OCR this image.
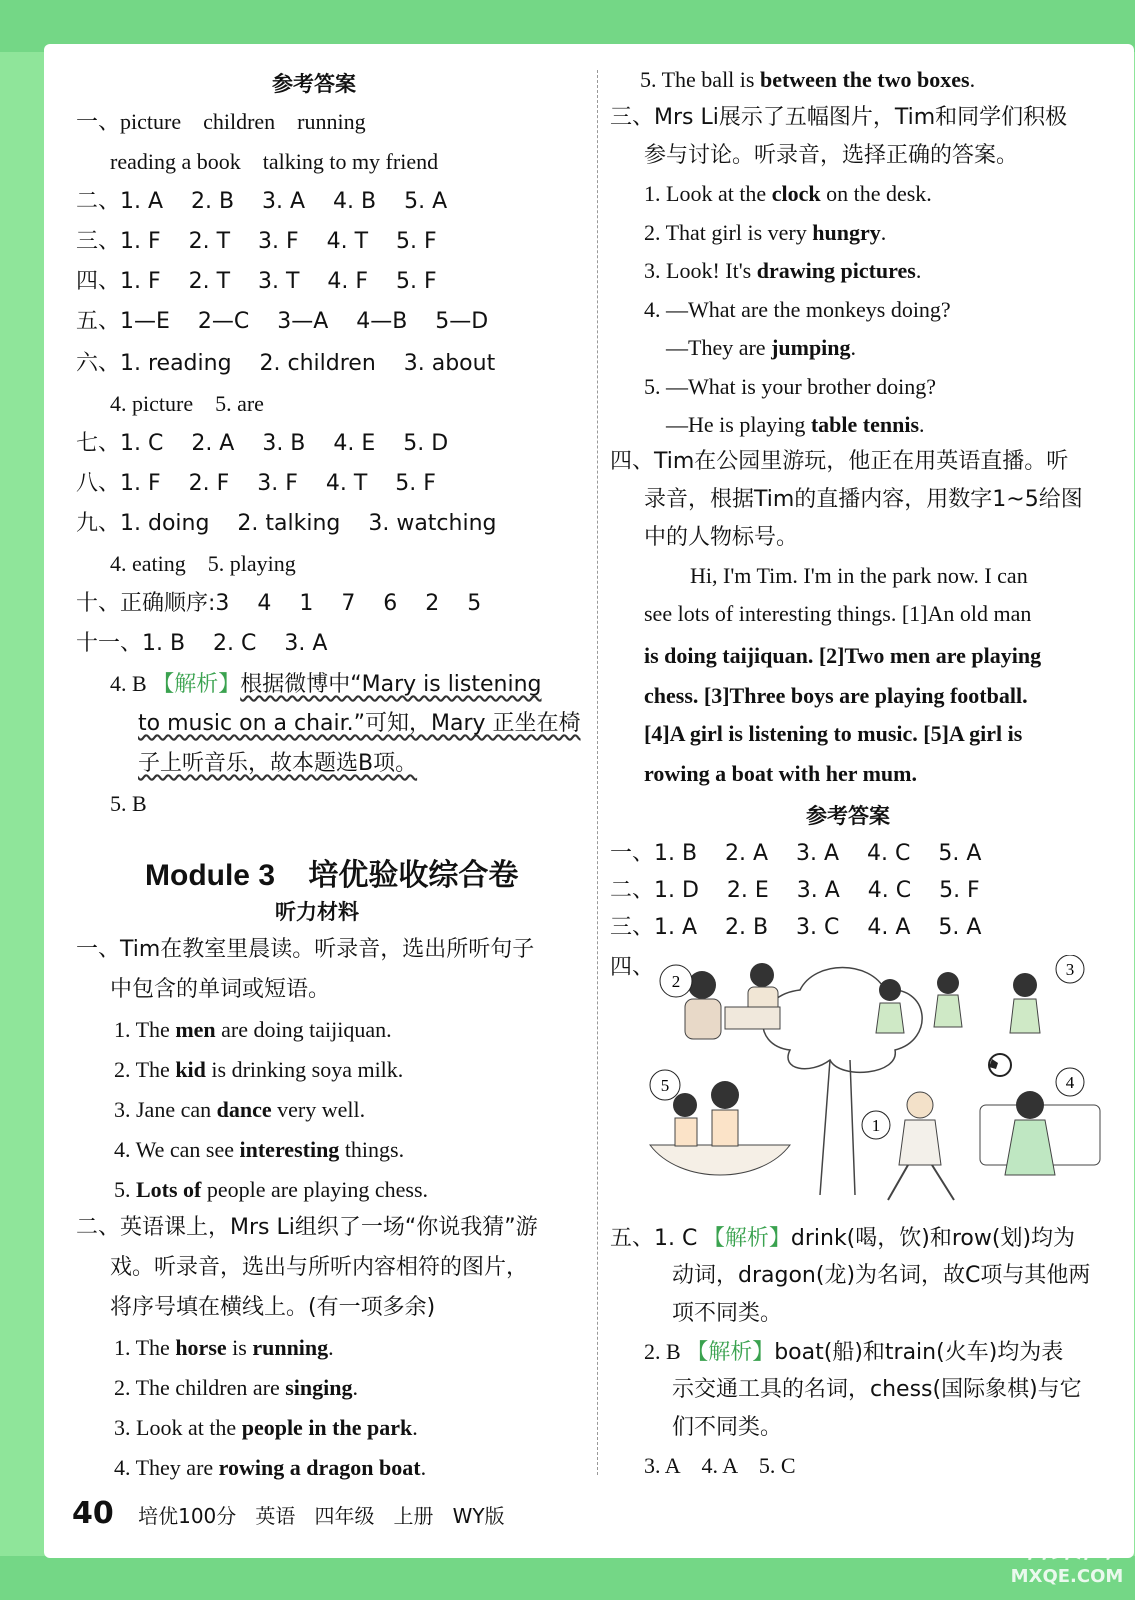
参考答案
一、picture    children    running
reading a book    talking to my friend
二、1. A    2. B    3. A    4. B    5. A
三、1. F    2. T    3. F    4. T    5. F
四、1. F    2. T    3. T    4. F    5. F
五、1—E    2—C    3—A    4—B    5—D
六、1. reading    2. children    3. about
4. picture    5. are
七、1. C    2. A    3. B    4. E    5. D
八、1. F    2. F    3. F    4. T    5. F
九、1. doing    2. talking    3. watching
4. eating    5. playing
十、正确顺序:3    4    1    7    6    2    5
十一、1. B    2. C    3. A
4. B 【解析】根据微博中“Mary is listening
to music on a chair.”可知，Mary 正坐在椅
子上听音乐，故本题选B项。
5. B
Module 3    培优验收综合卷
听力材料
一、Tim在教室里晨读。听录音，选出所听句子
中包含的单词或短语。
二、英语课上，Mrs Li组织了一场“你说我猜”游
戏。听录音，选出与所听内容相符的图片，
将序号填在横线上。(有一项多余)
5. The ball is between the two boxes.
三、Mrs Li展示了五幅图片，Tim和同学们积极
参与讨论。听录音，选择正确的答案。
四、Tim在公园里游玩，他正在用英语直播。听
录音，根据Tim的直播内容，用数字1~5给图
中的人物标号。
Hi, I'm Tim. I'm in the park now. I can
see lots of interesting things. [1]An old man
is doing taijiquan. [2]Two men are playing
chess. [3]Three boys are playing football.
[4]A girl is listening to music. [5]A girl is
rowing a boat with her mum.
参考答案
一、1. B    2. A    3. A    4. C    5. A
二、1. D    2. E    3. A    4. C    5. F
三、1. A    2. B    3. C    4. A    5. A
四、
1
2
3
4
5
五、1. C 【解析】drink(喝，饮)和row(划)均为
动词，dragon(龙)为名词，故C项与其他两
项不同类。
2. B 【解析】boat(船)和train(火车)均为表
示交通工具的名词，chess(国际象棋)与它
们不同类。
3. A    4. A    5. C
40 培优100分 英语 四年级 上册 WY版
答案圈
MXQE.COM
1. The men are doing taijiquan.
2. The kid is drinking soya milk.
3. Jane can dance very well.
4. We can see interesting things.
5. Lots of people are playing chess.
1. The horse is running.
2. The children are singing.
3. Look at the people in the park.
4. They are rowing a dragon boat.
1. Look at the clock on the desk.
2. That girl is very hungry.
3. Look! It's drawing pictures.
4. —What are the monkeys doing?
—They are jumping.
5. —What is your brother doing?
—He is playing table tennis.
